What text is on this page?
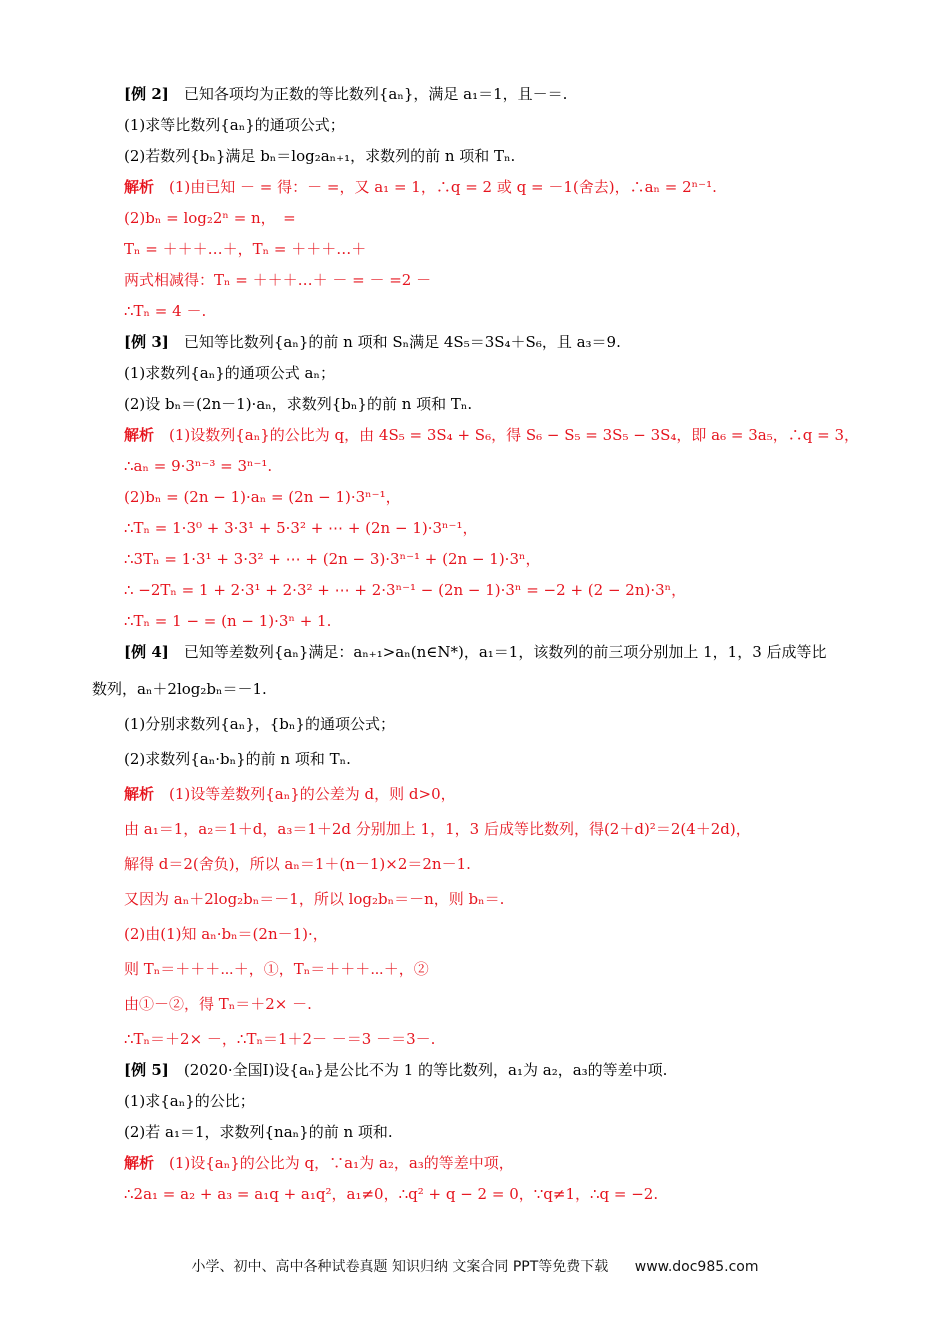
[例 2]　已知各项均为正数的等比数列{aₙ}，满足 a₁＝1，且－＝.
(1)求等比数列{aₙ}的通项公式；
(2)若数列{bₙ}满足 bₙ＝log₂aₙ₊₁，求数列的前 n 项和 Tₙ.
解析　(1)由已知 － = 得：－ =，又 a₁ = 1，∴q = 2 或 q = －1(舍去)，∴aₙ = 2ⁿ⁻¹.
(2)bₙ = log₂2ⁿ = n，　=
Tₙ = ＋＋＋…＋，Tₙ = ＋＋＋…＋
两式相减得：Tₙ = ＋＋＋…＋ － = － =2 －
∴Tₙ = 4 －.
[例 3]　已知等比数列{aₙ}的前 n 项和 Sₙ满足 4S₅＝3S₄＋S₆，且 a₃＝9.
(1)求数列{aₙ}的通项公式 aₙ；
(2)设 bₙ＝(2n－1)·aₙ，求数列{bₙ}的前 n 项和 Tₙ.
解析　(1)设数列{aₙ}的公比为 q，由 4S₅ = 3S₄ + S₆，得 S₆ − S₅ = 3S₅ − 3S₄，即 a₆ = 3a₅，∴q = 3，
∴aₙ = 9·3ⁿ⁻³ = 3ⁿ⁻¹.
(2)bₙ = (2n − 1)·aₙ = (2n − 1)·3ⁿ⁻¹，
∴Tₙ = 1·3⁰ + 3·3¹ + 5·3² + ⋯ + (2n − 1)·3ⁿ⁻¹，
∴3Tₙ = 1·3¹ + 3·3² + ⋯ + (2n − 3)·3ⁿ⁻¹ + (2n − 1)·3ⁿ，
∴ −2Tₙ = 1 + 2·3¹ + 2·3² + ⋯ + 2·3ⁿ⁻¹ − (2n − 1)·3ⁿ = −2 + (2 − 2n)·3ⁿ，
∴Tₙ = 1 − = (n − 1)·3ⁿ + 1.
[例 4]　已知等差数列{aₙ}满足：aₙ₊₁>aₙ(n∈N*)，a₁＝1，该数列的前三项分别加上 1，1，3 后成等比
数列，aₙ＋2log₂bₙ＝－1.
(1)分别求数列{aₙ}，{bₙ}的通项公式；
(2)求数列{aₙ·bₙ}的前 n 项和 Tₙ.
解析　(1)设等差数列{aₙ}的公差为 d，则 d>0，
由 a₁＝1，a₂＝1＋d，a₃＝1＋2d 分别加上 1，1，3 后成等比数列，得(2＋d)²＝2(4＋2d)，
解得 d＝2(舍负)，所以 aₙ＝1＋(n－1)×2＝2n－1.
又因为 aₙ＋2log₂bₙ＝－1，所以 log₂bₙ＝－n，则 bₙ＝.
(2)由(1)知 aₙ·bₙ＝(2n－1)·，
则 Tₙ＝＋＋＋⋯＋，①，Tₙ＝＋＋＋⋯＋，②
由①－②，得 Tₙ＝＋2× －.
∴Tₙ＝＋2× －，∴Tₙ＝1＋2－ －＝3 －＝3－.
[例 5]　(2020·全国Ⅰ)设{aₙ}是公比不为 1 的等比数列，a₁为 a₂，a₃的等差中项.
(1)求{aₙ}的公比；
(2)若 a₁＝1，求数列{naₙ}的前 n 项和.
解析　(1)设{aₙ}的公比为 q，∵a₁为 a₂，a₃的等差中项，
∴2a₁ = a₂ + a₃ = a₁q + a₁q²，a₁≠0，∴q² + q − 2 = 0，∵q≠1，∴q = −2.
小学、初中、高中各种试卷真题 知识归纳 文案合同 PPT等免费下载 www.doc985.com
